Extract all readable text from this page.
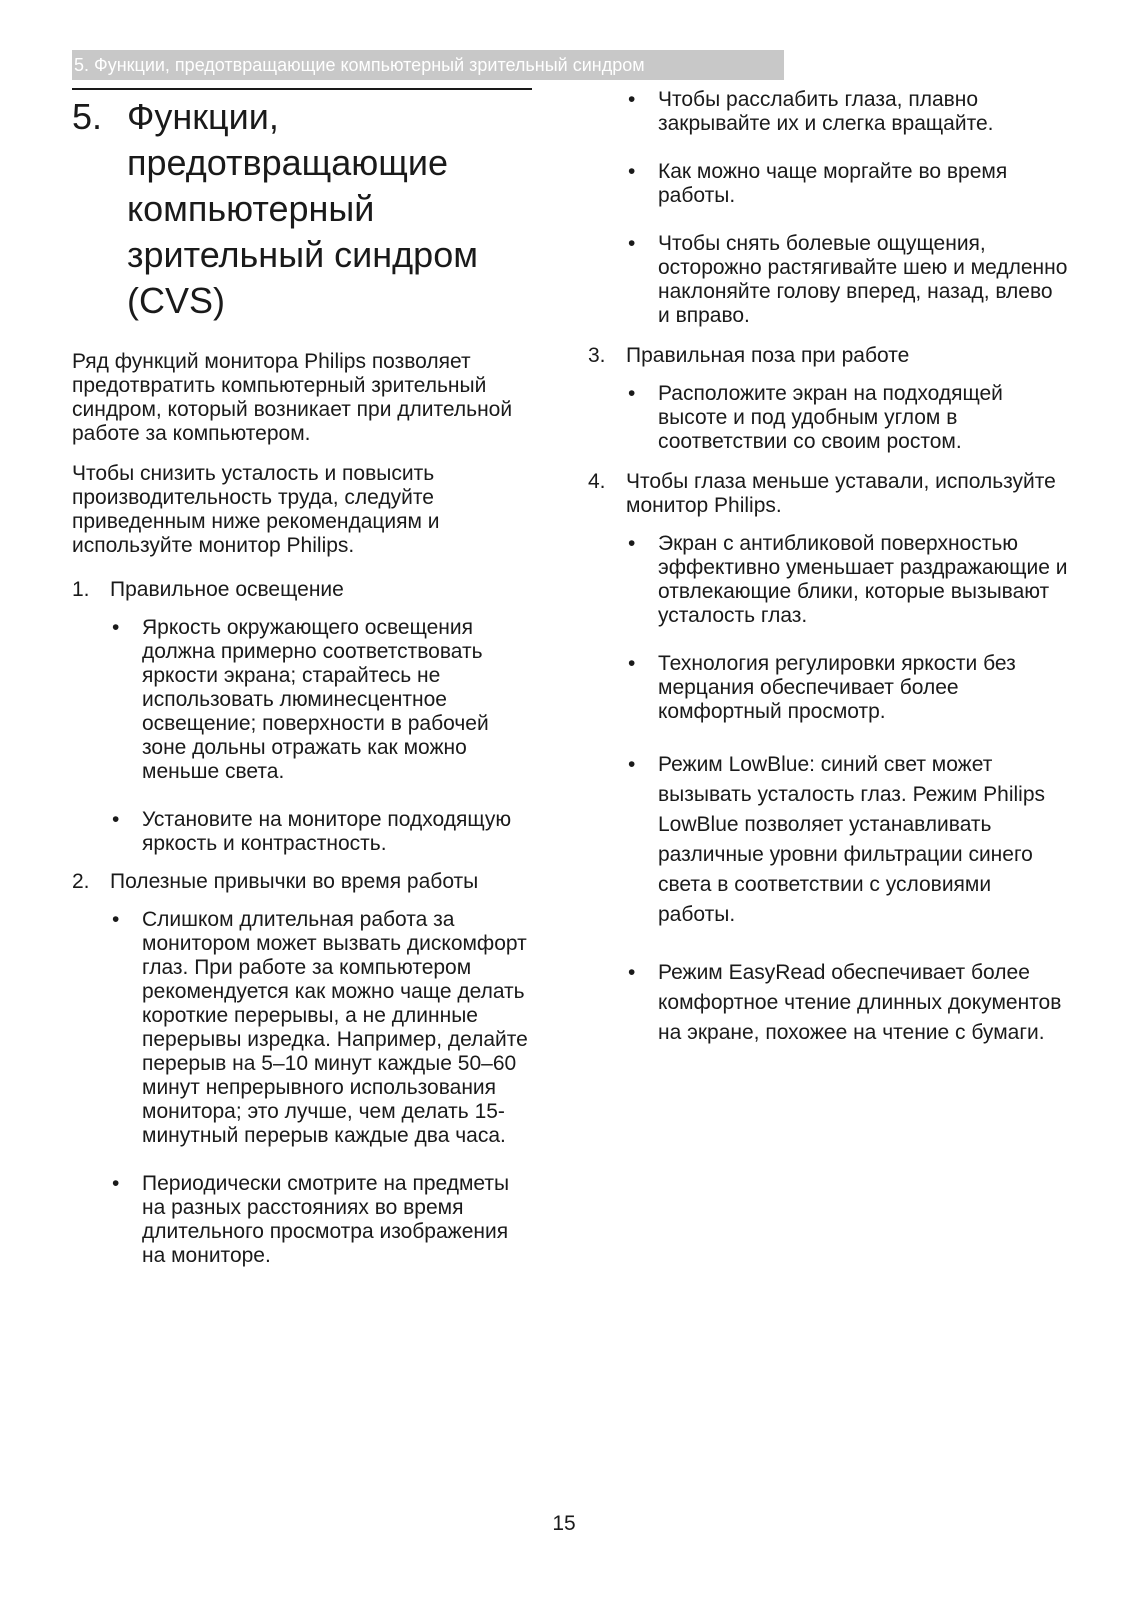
5. Функции, предотвращающие компьютерный зрительный синдром
5. Функции, предотвращающие компьютерный зрительный синдром (CVS)

Ряд функций монитора Philips позволяет предотвратить компьютерный зрительный синдром, который возникает при длительной работе за компьютером.

Чтобы снизить усталость и повысить производительность труда, следуйте приведенным ниже рекомендациям и используйте монитор Philips.

1. Правильное освещение
• Яркость окружающего освещения должна примерно соответствовать яркости экрана; старайтесь не использовать люминесцентное освещение; поверхности в рабочей зоне дольны отражать как можно меньше света.
• Установите на мониторе подходящую яркость и контрастность.
2. Полезные привычки во время работы
• Слишком длительная работа за монитором может вызвать дискомфорт глаз. При работе за компьютером рекомендуется как можно чаще делать короткие перерывы, а не длинные перерывы изредка. Например, делайте перерыв на 5–10 минут каждые 50–60 минут непрерывного использования монитора; это лучше, чем делать 15-минутный перерыв каждые два часа.
• Периодически смотрите на предметы на разных расстояниях во время длительного просмотра изображения на мониторе.
• Чтобы расслабить глаза, плавно закрывайте их и слегка вращайте.
• Как можно чаще моргайте во время работы.
• Чтобы снять болевые ощущения, осторожно растягивайте шею и медленно наклоняйте голову вперед, назад, влево и вправо.
3. Правильная поза при работе
• Расположите экран на подходящей высоте и под удобным углом в соответствии со своим ростом.
4. Чтобы глаза меньше уставали, используйте монитор Philips.
• Экран с антибликовой поверхностью эффективно уменьшает раздражающие и отвлекающие блики, которые вызывают усталость глаз.
• Технология регулировки яркости без мерцания обеспечивает более комфортный просмотр.
• Режим LowBlue: синий свет может вызывать усталость глаз. Режим Philips LowBlue позволяет устанавливать различные уровни фильтрации синего света в соответствии с условиями работы.
• Режим EasyRead обеспечивает более комфортное чтение длинных документов на экране, похожее на чтение с бумаги.
15
